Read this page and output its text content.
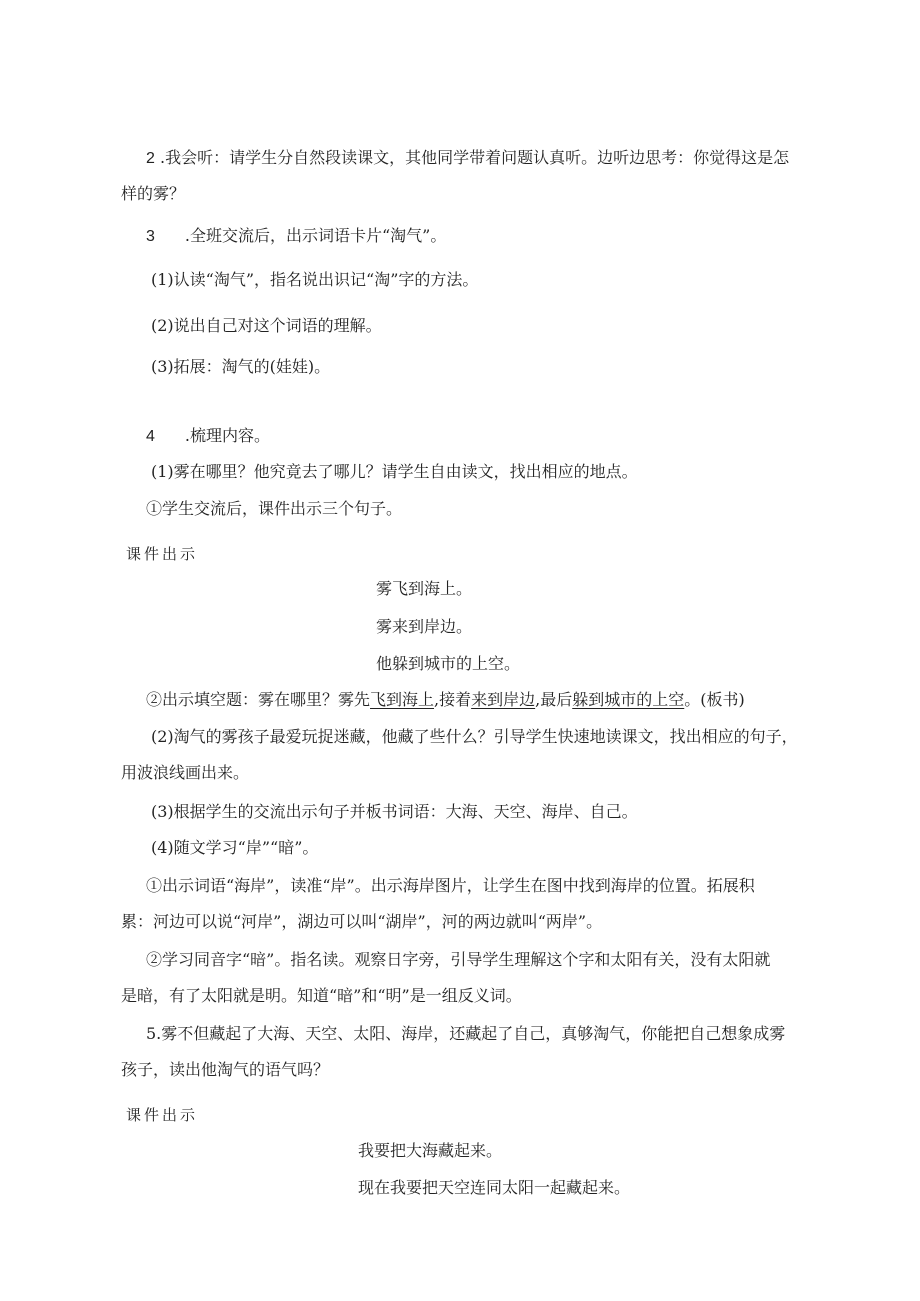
2 .我会听：请学生分自然段读课文，其他同学带着问题认真听。边听边思考：你觉得这是怎
样的雾？
3 .全班交流后，出示词语卡片“淘气”。
(1)认读“淘气”，指名说出识记“淘”字的方法。
(2)说出自己对这个词语的理解。
(3)拓展：淘气的(娃娃)。
4 .梳理内容。
(1)雾在哪里？他究竟去了哪儿？请学生自由读文，找出相应的地点。
①学生交流后，课件出示三个句子。
课件出示
雾飞到海上。
雾来到岸边。
他躲到城市的上空。
②出示填空题：雾在哪里？雾先飞到海上,接着来到岸边,最后躲到城市的上空。(板书)
(2)淘气的雾孩子最爱玩捉迷藏，他藏了些什么？引导学生快速地读课文，找出相应的句子，
用波浪线画出来。
(3)根据学生的交流出示句子并板书词语：大海、天空、海岸、自己。
(4)随文学习“岸”“暗”。
①出示词语“海岸”，读准“岸”。出示海岸图片，让学生在图中找到海岸的位置。拓展积
累：河边可以说“河岸”，湖边可以叫“湖岸”，河的两边就叫“两岸”。
②学习同音字“暗”。指名读。观察日字旁，引导学生理解这个字和太阳有关，没有太阳就
是暗，有了太阳就是明。知道“暗”和“明”是一组反义词。
5.雾不但藏起了大海、天空、太阳、海岸，还藏起了自己，真够淘气，你能把自己想象成雾
孩子，读出他淘气的语气吗？
课件出示
我要把大海藏起来。
现在我要把天空连同太阳一起藏起来。
